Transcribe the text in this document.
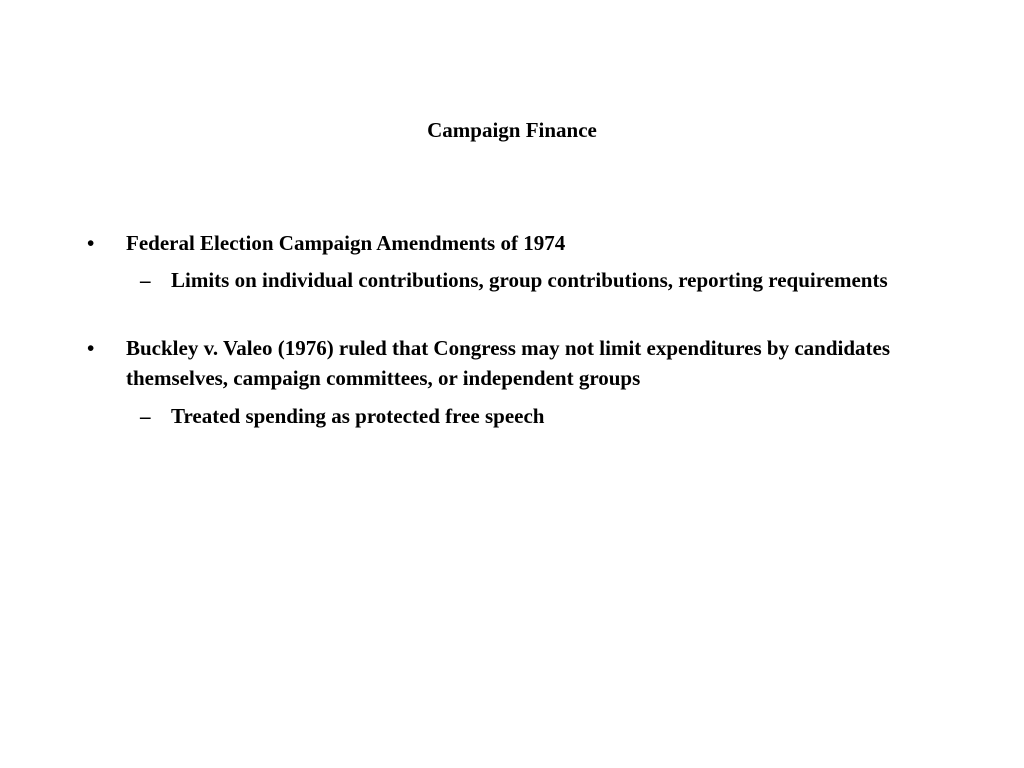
Campaign Finance
• Federal Election Campaign Amendments of 1974
– Limits on individual contributions, group contributions, reporting requirements
• Buckley v. Valeo (1976) ruled that Congress may not limit expenditures by candidates themselves, campaign committees, or independent groups
– Treated spending as protected free speech
